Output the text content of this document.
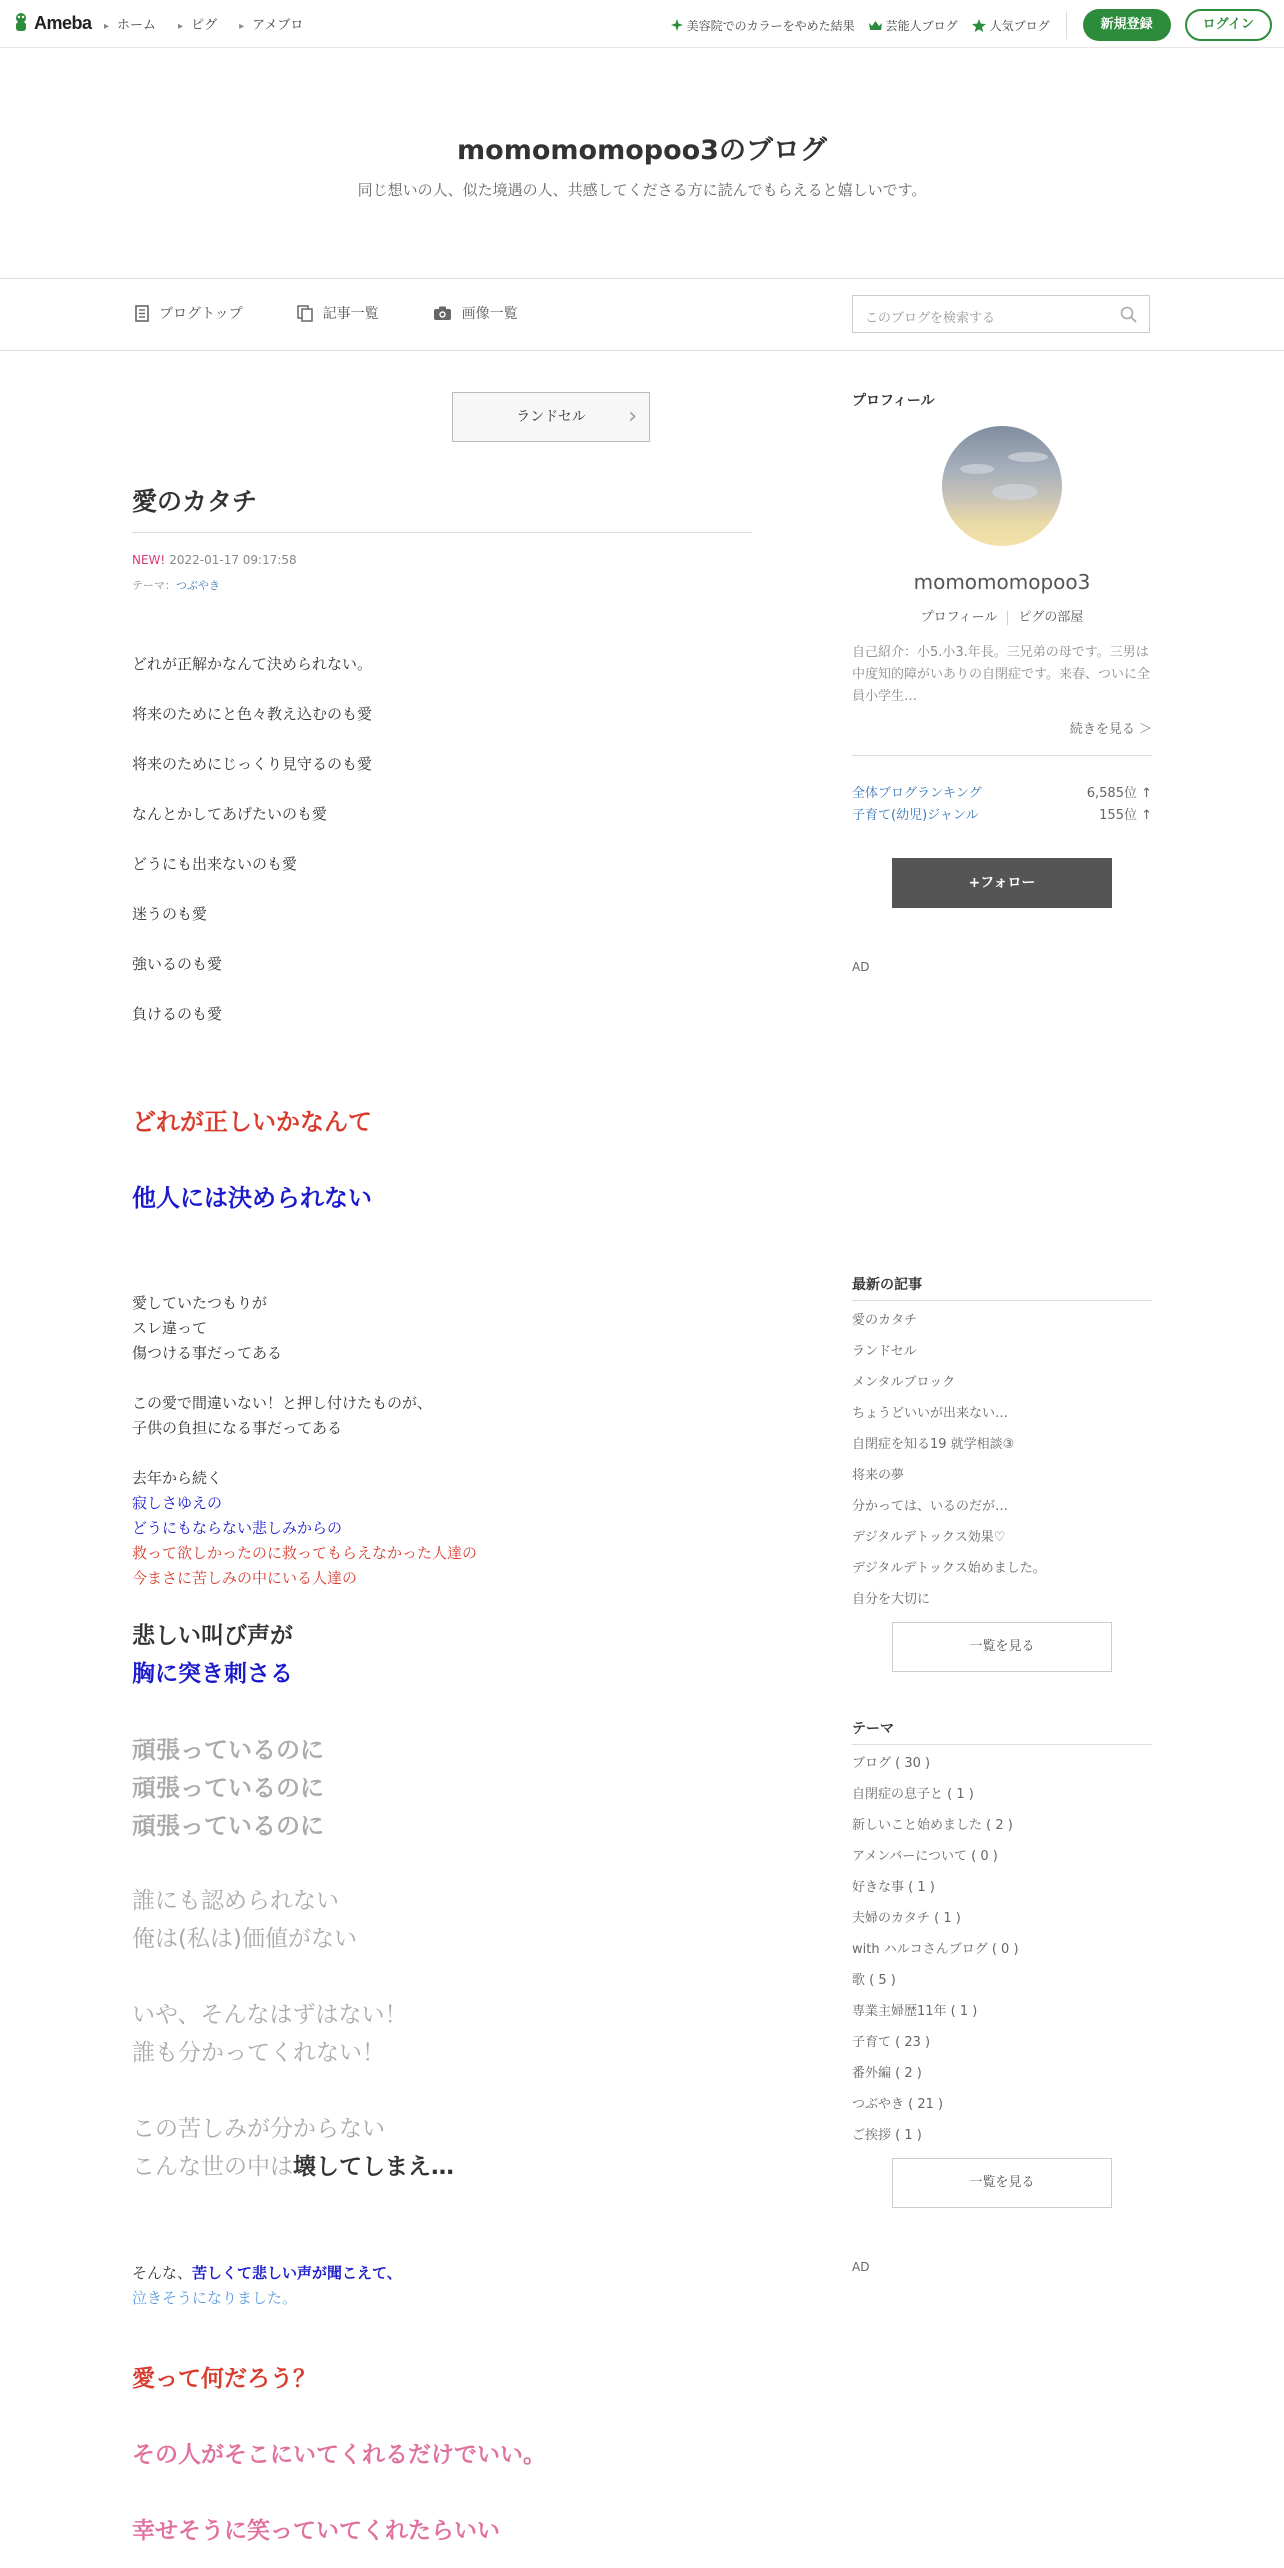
Ameba	▸ ホーム	▸ ピグ	▸ アメブロ	美容院でのカラーをやめた結果	芸能人ブログ	人気ブログ	新規登録	ログイン
momomomopoo3のブログ
同じ想いの人、似た境遇の人、共感してくださる方に読んでもらえると嬉しいです。
ブログトップ	記事一覧	画像一覧	このブログを検索する
ランドセル ›
愛のカタチ
NEW! 2022-01-17 09:17:58
テーマ：つぶやき
どれが正解かなんて決められない。
将来のためにと色々教え込むのも愛
将来のためにじっくり見守るのも愛
なんとかしてあげたいのも愛
どうにも出来ないのも愛
迷うのも愛
強いるのも愛
負けるのも愛
どれが正しいかなんて
他人には決められない
愛していたつもりが
スレ違って
傷つける事だってある
この愛で間違いない！と押し付けたものが、
子供の負担になる事だってある
去年から続く
寂しさゆえの
どうにもならない悲しみからの
救って欲しかったのに救ってもらえなかった人達の
今まさに苦しみの中にいる人達の
悲しい叫び声が
胸に突き刺さる
頑張っているのに
頑張っているのに
頑張っているのに
誰にも認められない
俺は(私は)価値がない
いや、そんなはずはない！
誰も分かってくれない！
この苦しみが分からない
こんな世の中は壊してしまえ…
そんな、苦しくて悲しい声が聞こえて、
泣きそうになりました。
愛って何だろう？
その人がそこにいてくれるだけでいい。
幸せそうに笑っていてくれたらいい
プロフィール
momomomopoo3
プロフィール ピグの部屋
自己紹介：小5.小3.年長。三兄弟の母です。三男は中度知的障がいありの自閉症です。来春、ついに全員小学生…
続きを見る ＞
全体ブログランキング	6,585位 ↑
子育て(幼児)ジャンル	155位 ↑
+フォロー
AD
最新の記事
愛のカタチ
ランドセル
メンタルブロック
ちょうどいいが出来ない…
自閉症を知る19 就学相談③
将来の夢
分かっては、いるのだが…
デジタルデトックス効果♡
デジタルデトックス始めました。
自分を大切に
一覧を見る
テーマ
ブログ ( 30 )
自閉症の息子と ( 1 )
新しいこと始めました ( 2 )
アメンバーについて ( 0 )
好きな事 ( 1 )
夫婦のカタチ ( 1 )
with ハルコさんブログ ( 0 )
歌 ( 5 )
専業主婦歴11年 ( 1 )
子育て ( 23 )
番外編 ( 2 )
つぶやき ( 21 )
ご挨拶 ( 1 )
一覧を見る
AD
